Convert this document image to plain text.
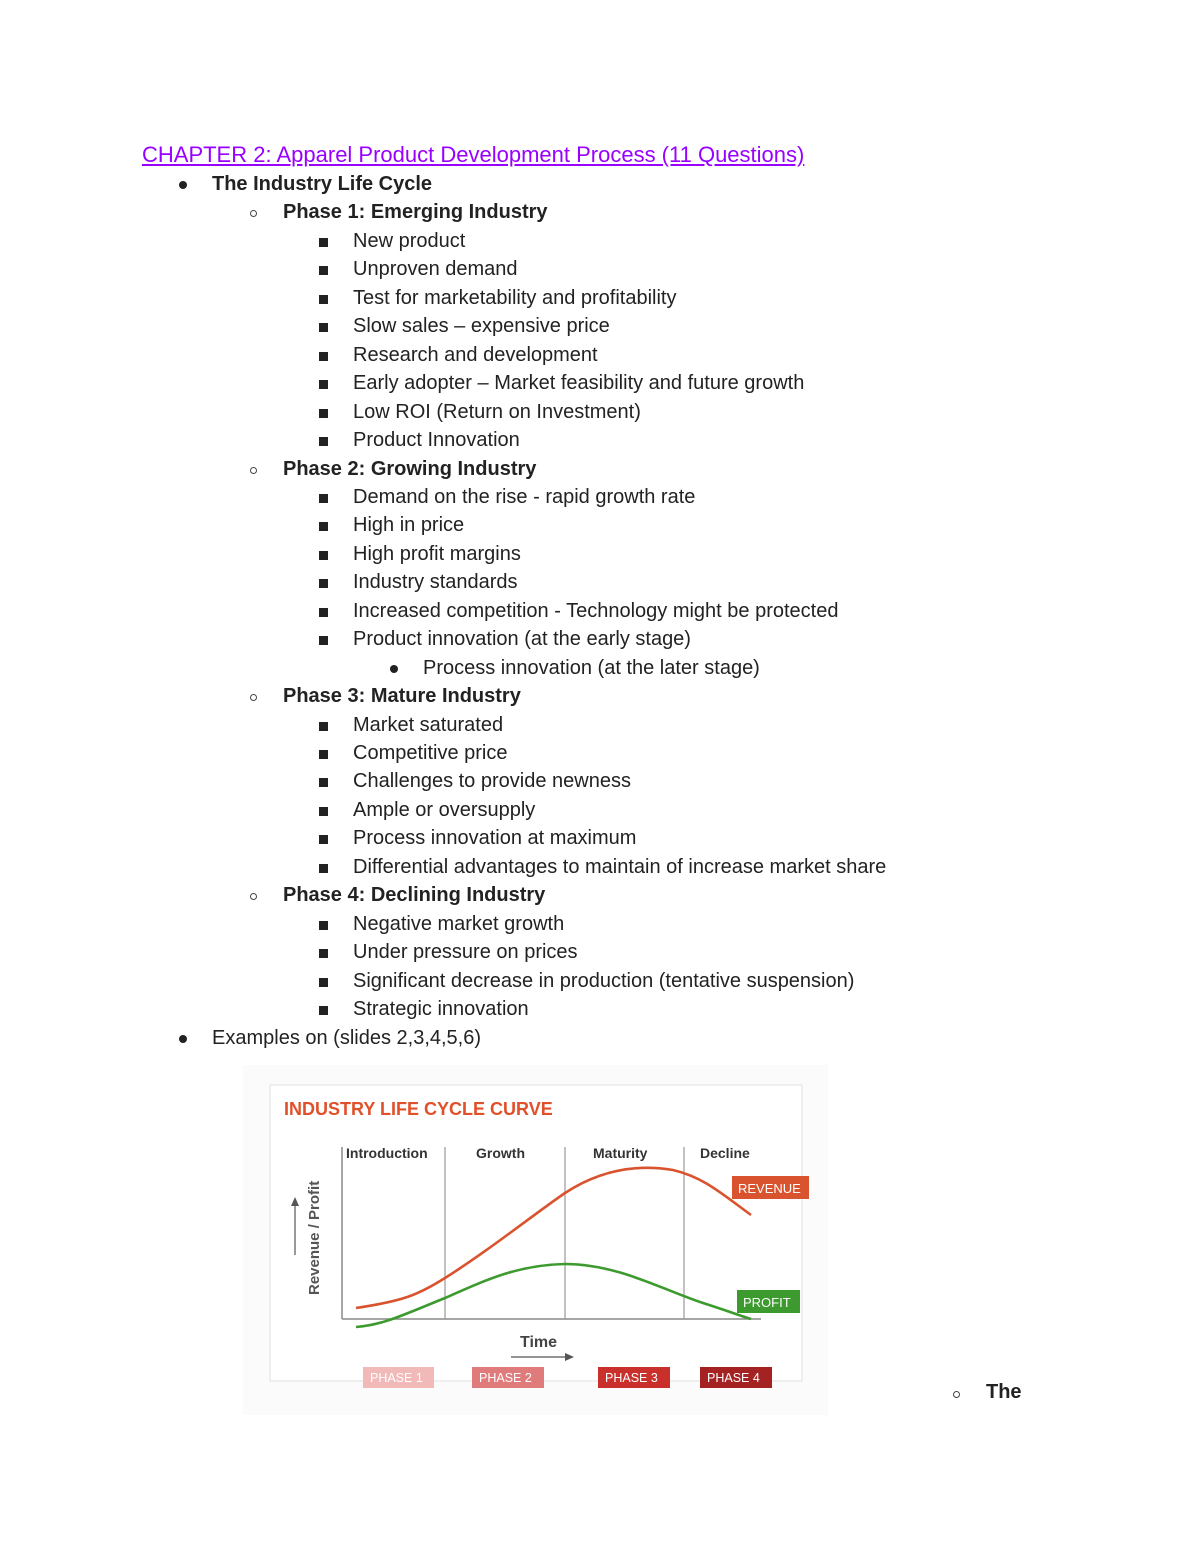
CHAPTER 2: Apparel Product Development Process (11 Questions)
The Industry Life Cycle
Phase 1: Emerging Industry
New product
Unproven demand
Test for marketability and profitability
Slow sales – expensive price
Research and development
Early adopter – Market feasibility and future growth
Low ROI (Return on Investment)
Product Innovation
Phase 2: Growing Industry
Demand on the rise - rapid growth rate
High in price
High profit margins
Industry standards
Increased competition - Technology might be protected
Product innovation (at the early stage)
Process innovation (at the later stage)
Phase 3: Mature Industry
Market saturated
Competitive price
Challenges to provide newness
Ample or oversupply
Process innovation at maximum
Differential advantages to maintain of increase market share
Phase 4: Declining Industry
Negative market growth
Under pressure on prices
Significant decrease in production (tentative suspension)
Strategic innovation
Examples on (slides 2,3,4,5,6)
The
INDUSTRY LIFE CYCLE CURVE
Introduction	Growth	Maturity	Decline
Revenue / Profit	REVENUE
PROFIT
Time
PHASE 1	PHASE 2	PHASE 3	PHASE 4
